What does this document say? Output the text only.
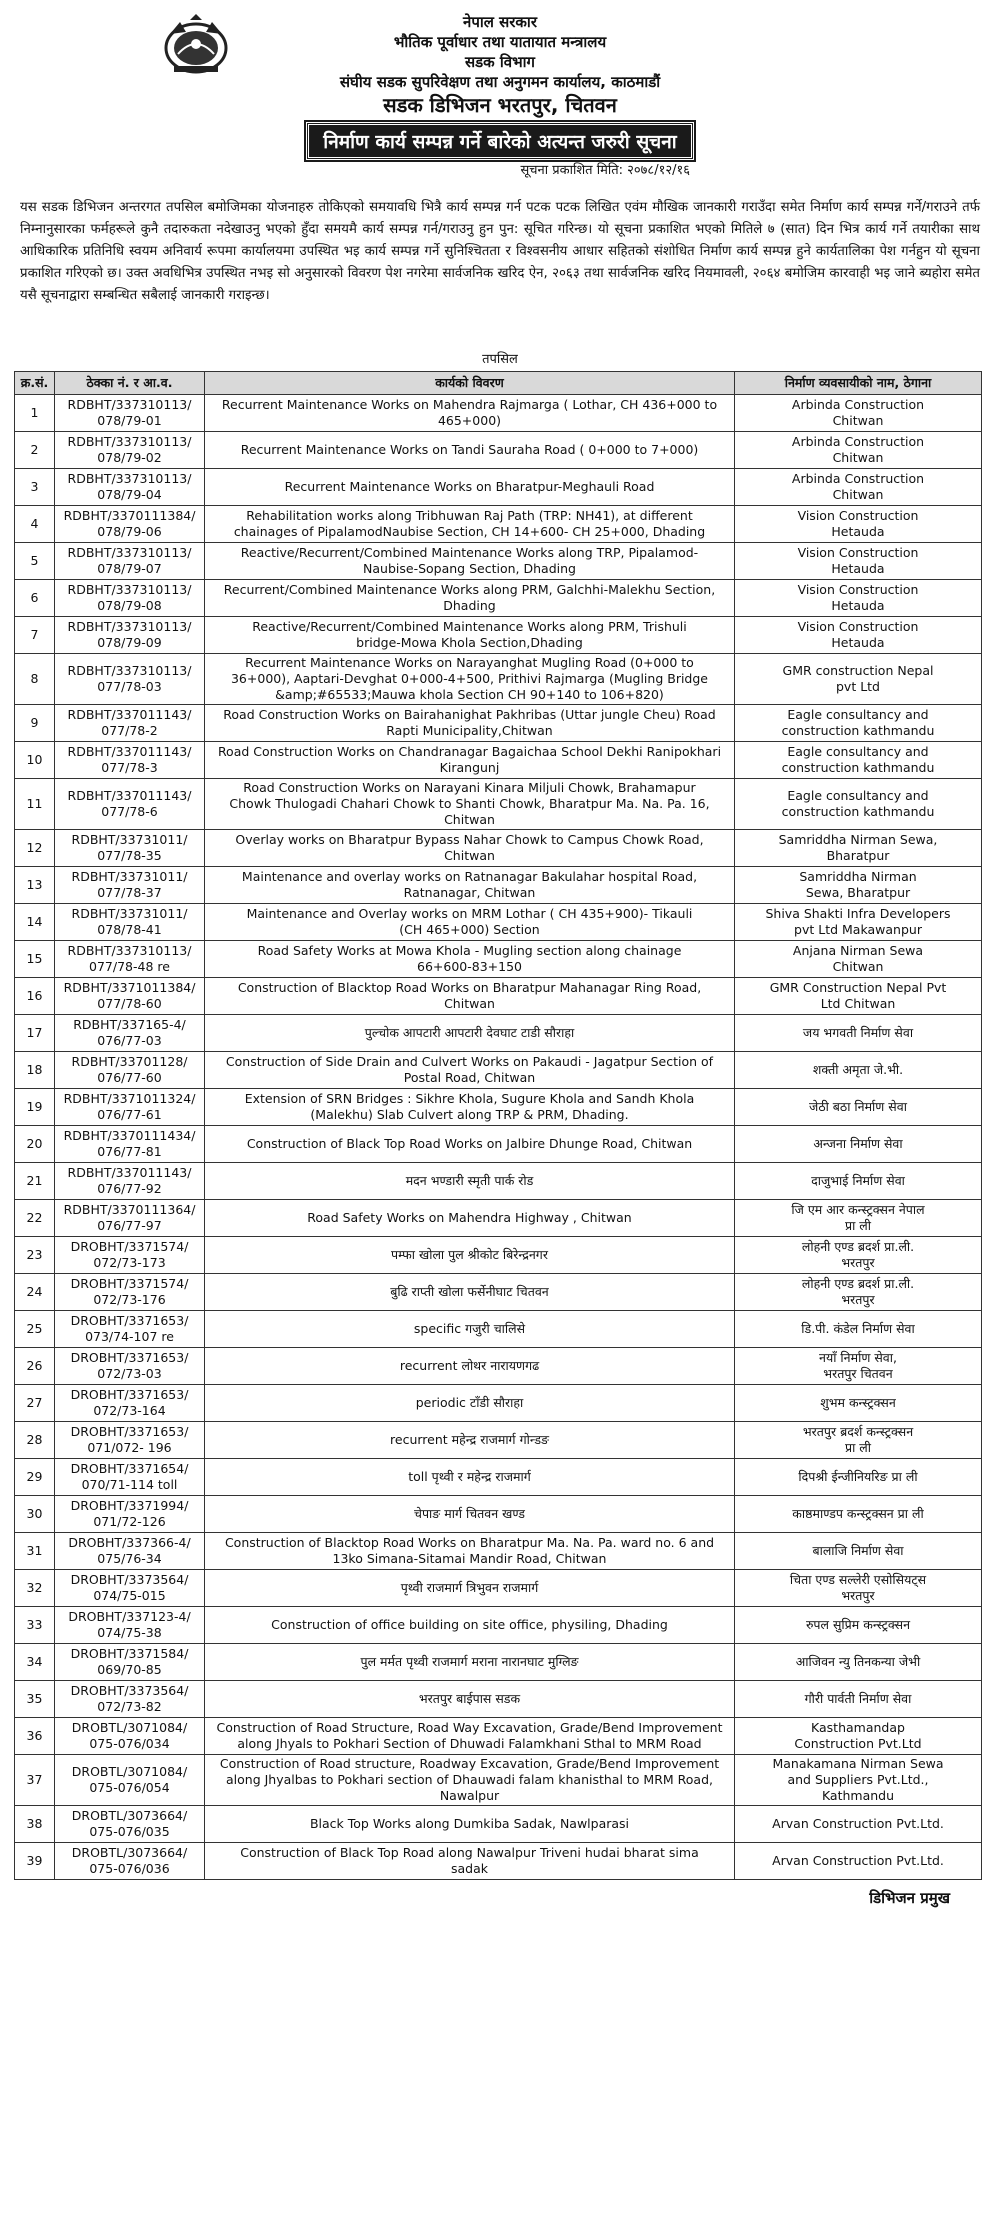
नेपाल सरकार
भौतिक पूर्वाधार तथा यातायात मन्त्रालय
सडक विभाग
संघीय सडक सुपरिवेक्षण तथा अनुगमन कार्यालय, काठमाडौं
सडक डिभिजन भरतपुर, चितवन
निर्माण कार्य सम्पन्न गर्ने बारेको अत्यन्त जरुरी सूचना
सूचना प्रकाशित मिति: २०७८/१२/१६
यस सडक डिभिजन अन्तरगत तपसिल बमोजिमका योजनाहरु तोकिएको समयावधि भित्रै कार्य सम्पन्न गर्न पटक पटक लिखित एवंम मौखिक जानकारी गराउँदा समेत निर्माण कार्य सम्पन्न गर्ने/गराउने तर्फ निम्नानुसारका फर्महरूले कुनै तदारुकता नदेखाउनु भएको हुँदा समयमै कार्य सम्पन्न गर्न/गराउनु हुन पुन: सूचित गरिन्छ। यो सूचना प्रकाशित भएको मितिले ७ (सात) दिन भित्र कार्य गर्ने तयारीका साथ आधिकारिक प्रतिनिधि स्वयम अनिवार्य रूपमा कार्यालयमा उपस्थित भइ कार्य सम्पन्न गर्ने सुनिश्चितता र विश्वसनीय आधार सहितको संशोधित निर्माण कार्य सम्पन्न हुने कार्यतालिका पेश गर्नहुन यो सूचना प्रकाशित गरिएको छ। उक्त अवधिभित्र उपस्थित नभइ सो अनुसारको विवरण पेश नगरेमा सार्वजनिक खरिद ऐन, २०६३ तथा सार्वजनिक खरिद नियमावली, २०६४ बमोजिम कारवाही भइ जाने ब्यहोरा समेत यसै सूचनाद्वारा सम्बन्धित सबैलाई जानकारी गराइन्छ।
तपसिल
क्र.सं.	ठेक्का नं. र आ.व.	कार्यको विवरण	निर्माण व्यवसायीको नाम, ठेगाना
1	RDBHT/337310113/
078/79-01	Recurrent Maintenance Works on Mahendra Rajmarga ( Lothar, CH 436+000 to
465+000)	Arbinda Construction
Chitwan
2	RDBHT/337310113/
078/79-02	Recurrent Maintenance Works on Tandi Sauraha Road ( 0+000 to 7+000)	Arbinda Construction
Chitwan
3	RDBHT/337310113/
078/79-04	Recurrent Maintenance Works on Bharatpur-Meghauli Road	Arbinda Construction
Chitwan
4	RDBHT/3370111384/
078/79-06	Rehabilitation works along Tribhuwan Raj Path (TRP: NH41), at different
chainages of PipalamodNaubise Section, CH 14+600- CH 25+000, Dhading	Vision Construction
Hetauda
5	RDBHT/337310113/
078/79-07	Reactive/Recurrent/Combined Maintenance Works along TRP, Pipalamod-
Naubise-Sopang Section, Dhading	Vision Construction
Hetauda
6	RDBHT/337310113/
078/79-08	Recurrent/Combined Maintenance Works along PRM, Galchhi-Malekhu Section,
Dhading	Vision Construction
Hetauda
7	RDBHT/337310113/
078/79-09	Reactive/Recurrent/Combined Maintenance Works along PRM, Trishuli
bridge-Mowa Khola Section,Dhading	Vision Construction
Hetauda
8	RDBHT/337310113/
077/78-03	Recurrent Maintenance Works on Narayanghat Mugling Road (0+000 to
36+000), Aaptari-Devghat 0+000-4+500, Prithivi Rajmarga (Mugling Bridge
&amp;#65533;Mauwa khola Section CH 90+140 to 106+820)	GMR construction Nepal
pvt Ltd
9	RDBHT/337011143/
077/78-2	Road Construction Works on Bairahanighat Pakhribas (Uttar jungle Cheu) Road
Rapti Municipality,Chitwan	Eagle consultancy and
construction kathmandu
10	RDBHT/337011143/
077/78-3	Road Construction Works on Chandranagar Bagaichaa School Dekhi Ranipokhari
Kirangunj	Eagle consultancy and
construction kathmandu
11	RDBHT/337011143/
077/78-6	Road Construction Works on Narayani Kinara Miljuli Chowk, Brahamapur
Chowk Thulogadi Chahari Chowk to Shanti Chowk, Bharatpur Ma. Na. Pa. 16,
Chitwan	Eagle consultancy and
construction kathmandu
12	RDBHT/33731011/
077/78-35	Overlay works on Bharatpur Bypass Nahar Chowk to Campus Chowk Road,
Chitwan	Samriddha Nirman Sewa,
Bharatpur
13	RDBHT/33731011/
077/78-37	Maintenance and overlay works on Ratnanagar Bakulahar hospital Road,
Ratnanagar, Chitwan	Samriddha Nirman
Sewa, Bharatpur
14	RDBHT/33731011/
078/78-41	Maintenance and Overlay works on MRM Lothar ( CH 435+900)- Tikauli
(CH 465+000) Section	Shiva Shakti Infra Developers
pvt Ltd Makawanpur
15	RDBHT/337310113/
077/78-48 re	Road Safety Works at Mowa Khola - Mugling section along chainage
66+600-83+150	Anjana Nirman Sewa
Chitwan
16	RDBHT/3371011384/
077/78-60	Construction of Blacktop Road Works on Bharatpur Mahanagar Ring Road,
Chitwan	GMR Construction Nepal Pvt
Ltd Chitwan
17	RDBHT/337165-4/
076/77-03	पुल्चोक आपटारी आपटारी देवघाट टाडी सौराहा	जय भगवती निर्माण सेवा
18	RDBHT/33701128/
076/77-60	Construction of Side Drain and Culvert Works on Pakaudi - Jagatpur Section of
Postal Road, Chitwan	शक्ती अमृता जे.भी.
19	RDBHT/3371011324/
076/77-61	Extension of SRN Bridges : Sikhre Khola, Sugure Khola and Sandh Khola
(Malekhu) Slab Culvert along TRP & PRM, Dhading.	जेठी बठा निर्माण सेवा
20	RDBHT/3370111434/
076/77-81	Construction of Black Top Road Works on Jalbire Dhunge Road, Chitwan	अन्जना निर्माण सेवा
21	RDBHT/337011143/
076/77-92	मदन भण्डारी स्मृती पार्क रोड	दाजुभाई निर्माण सेवा
22	RDBHT/3370111364/
076/77-97	Road Safety Works on Mahendra Highway , Chitwan	जि एम आर कन्स्ट्रक्सन नेपाल
प्रा ली
23	DROBHT/3371574/
072/73-173	पम्फा खोला पुल श्रीकोट बिरेन्द्रनगर	लोहनी एण्ड ब्रदर्श प्रा.ली.
भरतपुर
24	DROBHT/3371574/
072/73-176	बुढि राप्ती खोला फर्सेनीघाट चितवन	लोहनी एण्ड ब्रदर्श प्रा.ली.
भरतपुर
25	DROBHT/3371653/
073/74-107 re	specific गजुरी चालिसे	डि.पी. कंडेल निर्माण सेवा
26	DROBHT/3371653/
072/73-03	recurrent लोथर नारायणगढ	नयाँ निर्माण सेवा,
भरतपुर चितवन
27	DROBHT/3371653/
072/73-164	periodic टाँडी सौराहा	शुभम कन्स्ट्रक्सन
28	DROBHT/3371653/
071/072- 196	recurrent महेन्द्र राजमार्ग गोन्डङ	भरतपुर ब्रदर्श कन्स्ट्रक्सन
प्रा ली
29	DROBHT/3371654/
070/71-114 toll	toll पृथ्वी र महेन्द्र राजमार्ग	दिपश्री ईन्जीनियरिङ प्रा ली
30	DROBHT/3371994/
071/72-126	चेपाङ मार्ग चितवन खण्ड	काष्ठमाण्डप कन्स्ट्रक्सन प्रा ली
31	DROBHT/337366-4/
075/76-34	Construction of Blacktop Road Works on Bharatpur Ma. Na. Pa. ward no. 6 and
13ko Simana-Sitamai Mandir Road, Chitwan	बालाजि निर्माण सेवा
32	DROBHT/3373564/
074/75-015	पृथ्वी राजमार्ग त्रिभुवन राजमार्ग	चिता एण्ड सल्लेरी एसोसियट्स
भरतपुर
33	DROBHT/337123-4/
074/75-38	Construction of office building on site office, physiling, Dhading	रुपल सुप्रिम कन्स्ट्रक्सन
34	DROBHT/3371584/
069/70-85	पुल मर्मत पृथ्वी राजमार्ग मराना नारानघाट मुग्लिङ	आजिवन न्यु तिनकन्या जेभी
35	DROBHT/3373564/
072/73-82	भरतपुर बाईपास सडक	गौरी पार्वती निर्माण सेवा
36	DROBTL/3071084/
075-076/034	Construction of Road Structure, Road Way Excavation, Grade/Bend Improvement
along Jhyals to Pokhari Section of Dhuwadi Falamkhani Sthal to MRM Road	Kasthamandap
Construction Pvt.Ltd
37	DROBTL/3071084/
075-076/054	Construction of Road structure, Roadway Excavation, Grade/Bend Improvement
along Jhyalbas to Pokhari section of Dhauwadi falam khanisthal to MRM Road,
Nawalpur	Manakamana Nirman Sewa
and Suppliers Pvt.Ltd.,
Kathmandu
38	DROBTL/3073664/
075-076/035	Black Top Works along Dumkiba Sadak, Nawlparasi	Arvan Construction Pvt.Ltd.
39	DROBTL/3073664/
075-076/036	Construction of Black Top Road along Nawalpur Triveni hudai bharat sima
sadak	Arvan Construction Pvt.Ltd.
डिभिजन प्रमुख
